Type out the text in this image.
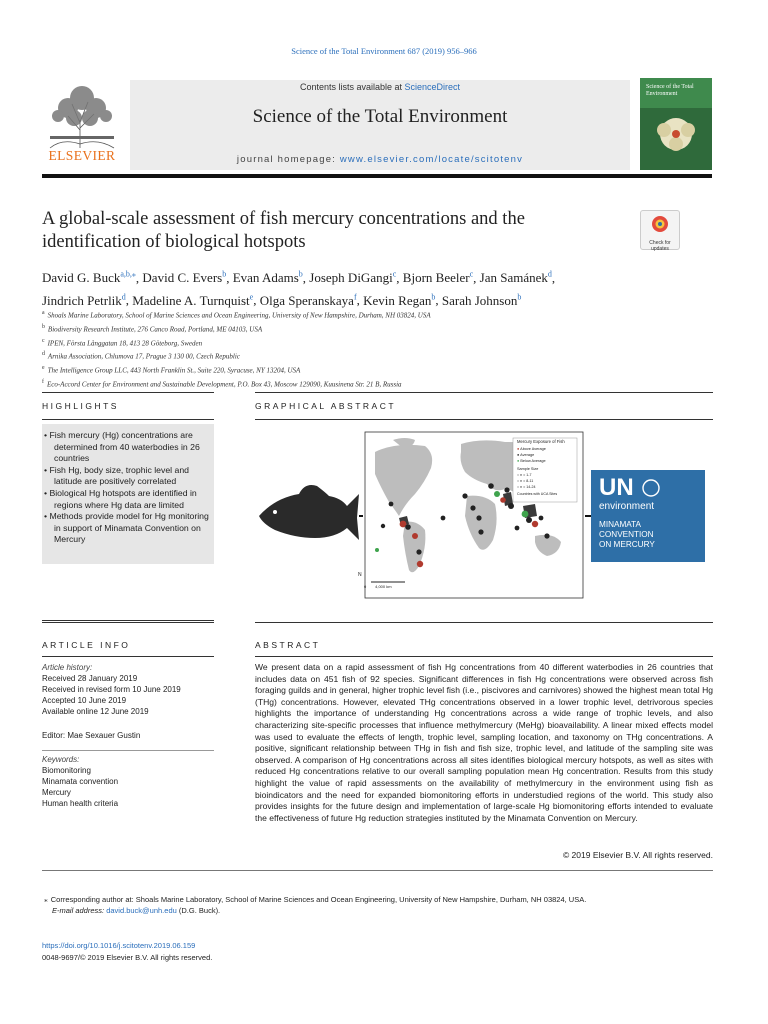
Science of the Total Environment 687 (2019) 956–966
Contents lists available at ScienceDirect
Science of the Total Environment
journal homepage: www.elsevier.com/locate/scitotenv
ELSEVIER
Science of the Total Environment
A global-scale assessment of fish mercury concentrations and the
identification of biological hotspots	Check for updates
David G. Buck$^{a,b,⁎}$, David C. Evers$^b$, Evan Adams$^b$, Joseph DiGangi$^c$, Bjorn Beeler$^c$, Jan Samánek$^d$,
Jindrich Petrlik$^d$, Madeline A. Turnquist$^e$, Olga Speranskaya$^f$, Kevin Regan$^b$, Sarah Johnson$^b$
$^a$ Shoals Marine Laboratory, School of Marine Sciences and Ocean Engineering, University of New Hampshire, Durham, NH 03824, USA
$^b$ Biodiversity Research Institute, 276 Canco Road, Portland, ME 04103, USA
$^c$ IPEN, Första Långgatan 18, 413 28 Göteborg, Sweden
$^d$ Arnika Association, Chlumova 17, Prague 3 130 00, Czech Republic
$^e$ The Intelligence Group LLC, 443 North Franklin St., Suite 220, Syracuse, NY 13204, USA
$^f$ Eco-Accord Center for Environment and Sustainable Development, P.O. Box 43, Moscow 129090, Kuusinena Str. 21 B, Russia
HIGHLIGHTS
• Fish mercury (Hg) concentrations are determined from 40 waterbodies in 26 countries
• Fish Hg, body size, trophic level and latitude are positively correlated
• Biological Hg hotspots are identified in regions where Hg data are limited
• Methods provide model for Hg monitoring in support of Minamata Convention on Mercury
GRAPHICAL ABSTRACT
Mercury Exposure of Fish
● Above Average
● Average
● Below Average
Sample Size
○ n = 1-7
○ n = 8-11
○ n = 14-24
Countries with UCA Sites
N
0        4,000 km
UN
environment
MINAMATA
CONVENTION
ON MERCURY
ARTICLE INFO
Article history:
Received 28 January 2019
Received in revised form 10 June 2019
Accepted 10 June 2019
Available online 12 June 2019
Editor: Mae Sexauer Gustin
Keywords:
Biomonitoring
Minamata convention
Mercury
Human health criteria
ABSTRACT
We present data on a rapid assessment of fish Hg concentrations from 40 different waterbodies in 26 countries that includes data on 451 fish of 92 species. Significant differences in fish Hg concentrations were observed across fish foraging guilds and in general, higher trophic level fish (i.e., piscivores and carnivores) showed the highest mean total Hg (THg) concentrations. However, elevated THg concentrations observed in a lower trophic level, detrivorous species highlights the importance of understanding Hg concentrations across a wide range of trophic levels, and also characterizing site-specific processes that influence methylmercury (MeHg) bioavailability. A linear mixed effects model was used to evaluate the effects of length, trophic level, sampling location, and taxonomy on THg concentrations. A positive, significant relationship between THg in fish and fish size, trophic level, and latitude of the sampling site was observed. A comparison of Hg concentrations across all sites identifies biological mercury hotspots, as well as sites with reduced Hg concentrations relative to our overall sampling population mean Hg concentration. Results from this study highlight the value of rapid assessments on the availability of methylmercury in the environment using fish as bioindicators and the need for expanded biomonitoring efforts in understudied regions of the world. This study also provides insights for the future design and implementation of large-scale Hg biomonitoring efforts intended to evaluate the effectiveness of future Hg reduction strategies instituted by the Minamata Convention on Mercury.
© 2019 Elsevier B.V. All rights reserved.
⁎ Corresponding author at: Shoals Marine Laboratory, School of Marine Sciences and Ocean Engineering, University of New Hampshire, Durham, NH 03824, USA.
E-mail address: david.buck@unh.edu (D.G. Buck).
https://doi.org/10.1016/j.scitotenv.2019.06.159
0048-9697/© 2019 Elsevier B.V. All rights reserved.
